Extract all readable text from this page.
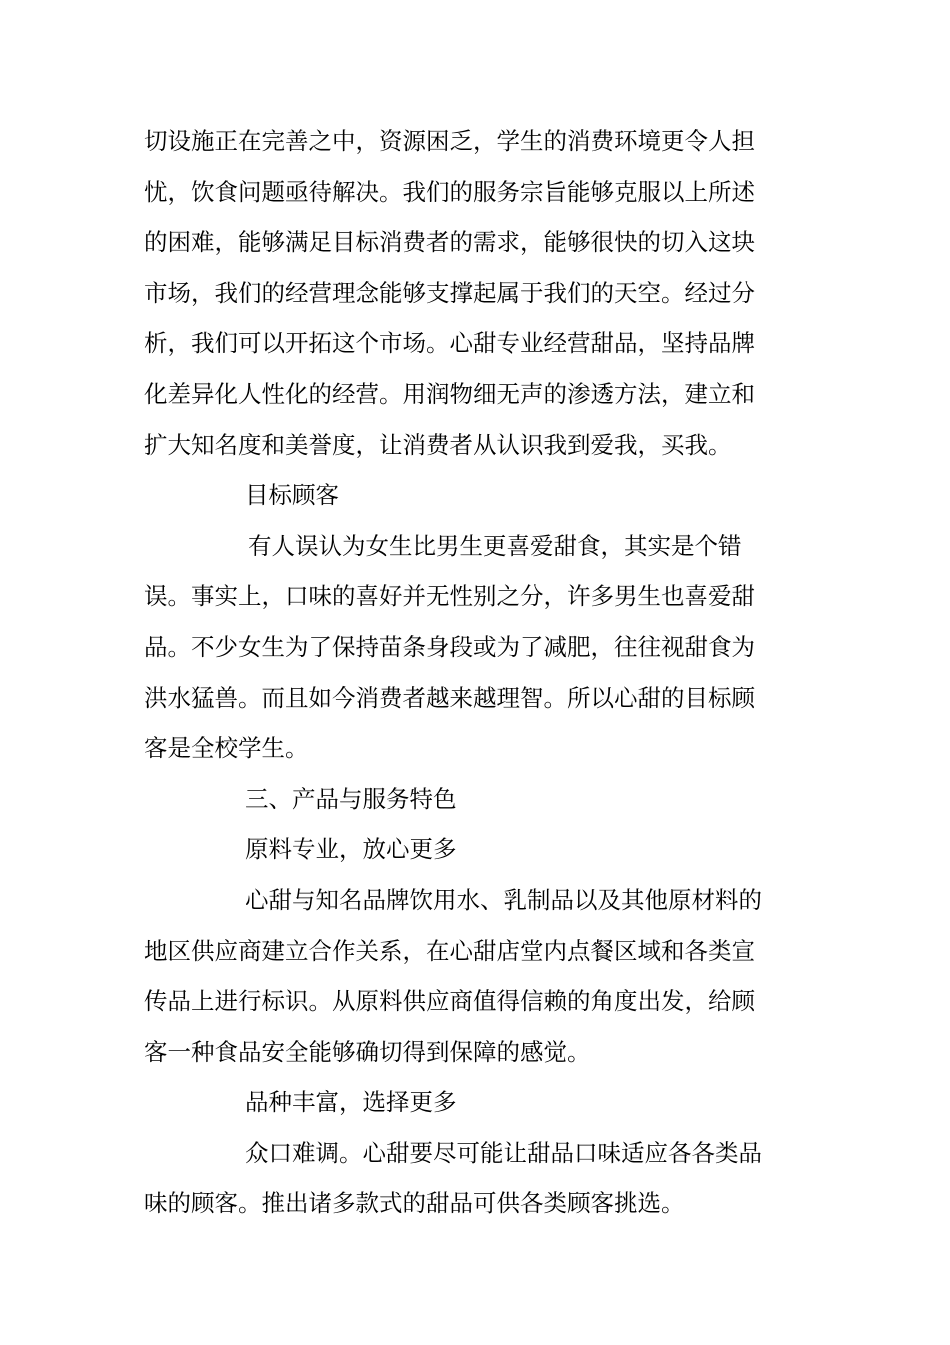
切设施正在完善之中，资源困乏，学生的消费环境更令人担
忧，饮食问题亟待解决。我们的服务宗旨能够克服以上所述
的困难，能够满足目标消费者的需求，能够很快的切入这块
市场，我们的经营理念能够支撑起属于我们的天空。经过分
析，我们可以开拓这个市场。心甜专业经营甜品，坚持品牌
化差异化人性化的经营。用润物细无声的渗透方法，建立和
扩大知名度和美誉度，让消费者从认识我到爱我，买我。
目标顾客
有人误认为女生比男生更喜爱甜食，其实是个错
误。事实上，口味的喜好并无性别之分，许多男生也喜爱甜
品。不少女生为了保持苗条身段或为了减肥，往往视甜食为
洪水猛兽。而且如今消费者越来越理智。所以心甜的目标顾
客是全校学生。
三、产品与服务特色
原料专业，放心更多
心甜与知名品牌饮用水、乳制品以及其他原材料的
地区供应商建立合作关系，在心甜店堂内点餐区域和各类宣
传品上进行标识。从原料供应商值得信赖的角度出发，给顾
客一种食品安全能够确切得到保障的感觉。
品种丰富，选择更多
众口难调。心甜要尽可能让甜品口味适应各各类品
味的顾客。推出诸多款式的甜品可供各类顾客挑选。
